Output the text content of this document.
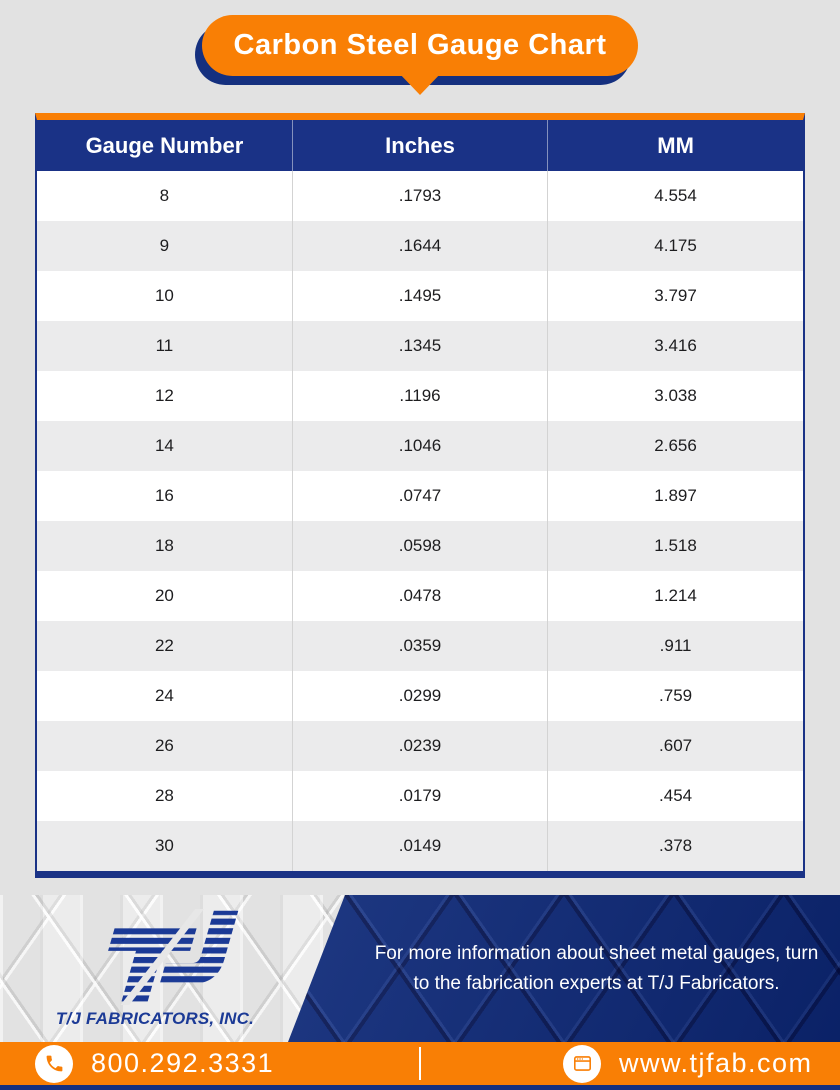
Carbon Steel Gauge Chart
Gauge Number	Inches	MM
8	.1793	4.554
9	.1644	4.175
10	.1495	3.797
11	.1345	3.416
12	.1196	3.038
14	.1046	2.656
16	.0747	1.897
18	.0598	1.518
20	.0478	1.214
22	.0359	.911
24	.0299	.759
26	.0239	.607
28	.0179	.454
30	.0149	.378
T/J FABRICATORS, INC.
For more information about sheet metal gauges, turn
to the fabrication experts at T/J Fabricators.
800.292.3331	www.tjfab.com
